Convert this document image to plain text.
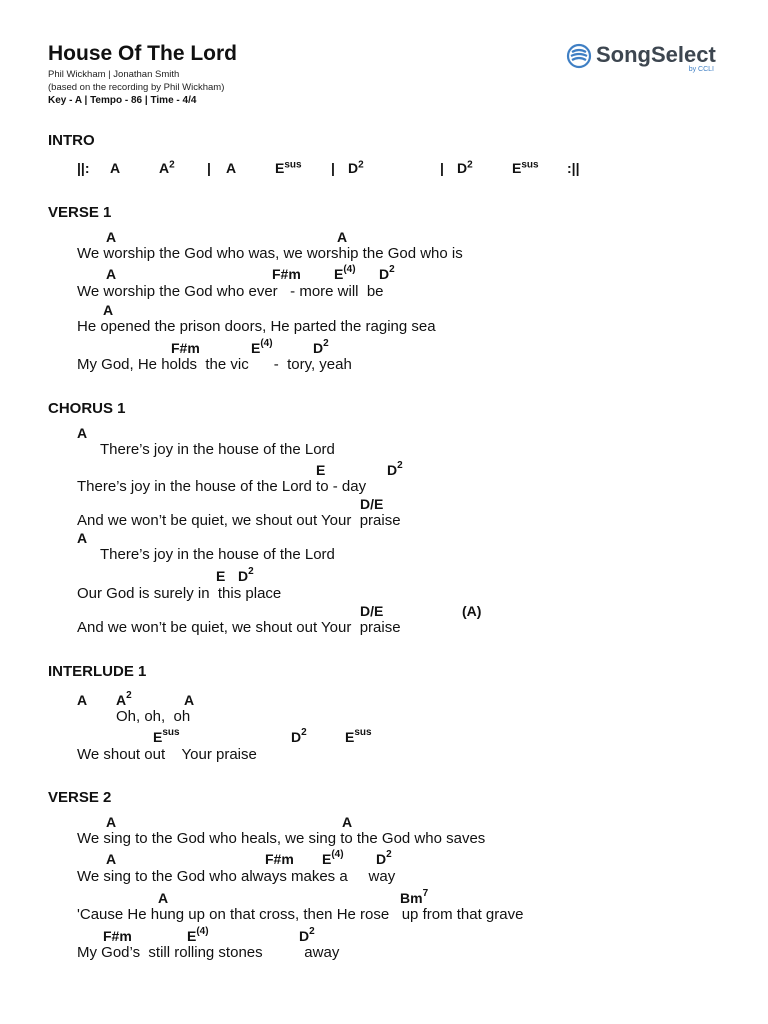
House Of The Lord
Phil Wickham | Jonathan Smith
(based on the recording by Phil Wickham)
Key - A | Tempo - 86 | Time - 4/4
SongSelect
by CCLI
INTRO
||: A	$A^2$ | A	$E^{sus}$ | $D^2$	| $D^2$	$E^{sus}$ :||
VERSE 1
A	A
We worship the God who was, we worship the God who is
A	F#m $E^{(4)}$ $D^2$
We worship the God who ever   - more will  be
A
He opened the prison doors, He parted the raging sea
F#m	$E^{(4)}$	$D^2$
My God, He holds  the vic      -  tory, yeah
CHORUS 1
A
There’s joy in the house of the Lord
E	$D^2$
There’s joy in the house of the Lord to - day
D/E
And we won’t be quiet, we shout out Your  praise
A
There’s joy in the house of the Lord
E $D^2$
Our God is surely in  this place
D/E	(A)
And we won’t be quiet, we shout out Your  praise
INTERLUDE 1
A $A^2$	A
Oh, oh,  oh
$E^{sus}$	$D^2$	$E^{sus}$
We shout out    Your praise
VERSE 2
A	A
We sing to the God who heals, we sing to the God who saves
A	F#m $E^{(4)}$ $D^2$
We sing to the God who always makes a     way
A	Bm$^7$
'Cause He hung up on that cross, then He rose   up from that grave
F#m	$E^{(4)}$	$D^2$
My God’s  still rolling stones          away
